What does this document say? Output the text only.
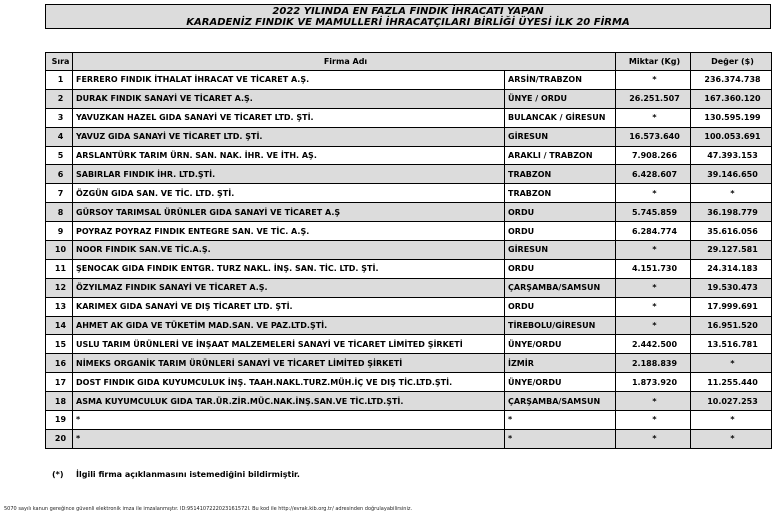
2022 YILINDA EN FAZLA FINDIK İHRACATI YAPAN
KARADENİZ FINDIK VE MAMULLERİ İHRACATÇILARI BİRLİĞİ ÜYESİ İLK 20 FİRMA
Sıra	Firma Adı		Miktar (Kg)	Değer ($)
1	FERRERO FINDIK İTHALAT İHRACAT VE TİCARET A.Ş.	ARSİN/TRABZON	*	236.374.738
2	DURAK FINDIK SANAYİ VE TİCARET A.Ş.	ÜNYE / ORDU	26.251.507	167.360.120
3	YAVUZKAN HAZEL GIDA SANAYİ VE TİCARET LTD. ŞTİ.	BULANCAK / GİRESUN	*	130.595.199
4	YAVUZ GIDA SANAYİ VE TİCARET LTD. ŞTİ.	GİRESUN	16.573.640	100.053.691
5	ARSLANTÜRK TARIM ÜRN. SAN. NAK. İHR. VE İTH. AŞ.	ARAKLI / TRABZON	7.908.266	47.393.153
6	SABIRLAR FINDIK İHR. LTD.ŞTİ.	TRABZON	6.428.607	39.146.650
7	ÖZGÜN GIDA SAN. VE TİC. LTD. ŞTİ.	TRABZON	*	*
8	GÜRSOY TARIMSAL ÜRÜNLER GIDA SANAYİ VE TİCARET A.Ş	ORDU	5.745.859	36.198.779
9	POYRAZ POYRAZ FINDIK ENTEGRE SAN. VE TİC. A.Ş.	ORDU	6.284.774	35.616.056
10	NOOR FINDIK SAN.VE TİC.A.Ş.	GİRESUN	*	29.127.581
11	ŞENOCAK GIDA FINDIK ENTGR. TURZ NAKL. İNŞ. SAN. TİC. LTD. ŞTİ.	ORDU	4.151.730	24.314.183
12	ÖZYILMAZ FINDIK SANAYİ VE TİCARET A.Ş.	ÇARŞAMBA/SAMSUN	*	19.530.473
13	KARIMEX GIDA SANAYİ VE DIŞ TİCARET LTD. ŞTİ.	ORDU	*	17.999.691
14	AHMET AK GIDA VE TÜKETİM MAD.SAN. VE PAZ.LTD.ŞTİ.	TİREBOLU/GİRESUN	*	16.951.520
15	USLU TARIM ÜRÜNLERİ VE İNŞAAT MALZEMELERİ SANAYİ VE TİCARET LİMİTED ŞİRKETİ	ÜNYE/ORDU	2.442.500	13.516.781
16	NİMEKS ORGANİK TARIM ÜRÜNLERİ SANAYİ VE TİCARET LİMİTED ŞİRKETİ	İZMİR	2.188.839	*
17	DOST FINDIK GIDA KUYUMCULUK İNŞ. TAAH.NAKL.TURZ.MÜH.İÇ VE DIŞ TİC.LTD.ŞTİ.	ÜNYE/ORDU	1.873.920	11.255.440
18	ASMA KUYUMCULUK GIDA TAR.ÜR.ZİR.MÜC.NAK.İNŞ.SAN.VE TİC.LTD.ŞTİ.	ÇARŞAMBA/SAMSUN	*	10.027.253
19	*	*	*	*
20	*	*	*	*
(*) İlgili firma açıklanmasını istemediğini bildirmiştir.
5070 sayılı kanun gereğince güvenli elektronik imza ile imzalanmıştır. ID:9514107222023161572I. Bu kod ile http://evrak.kib.org.tr/ adresinden doğrulayabilirsiniz.
